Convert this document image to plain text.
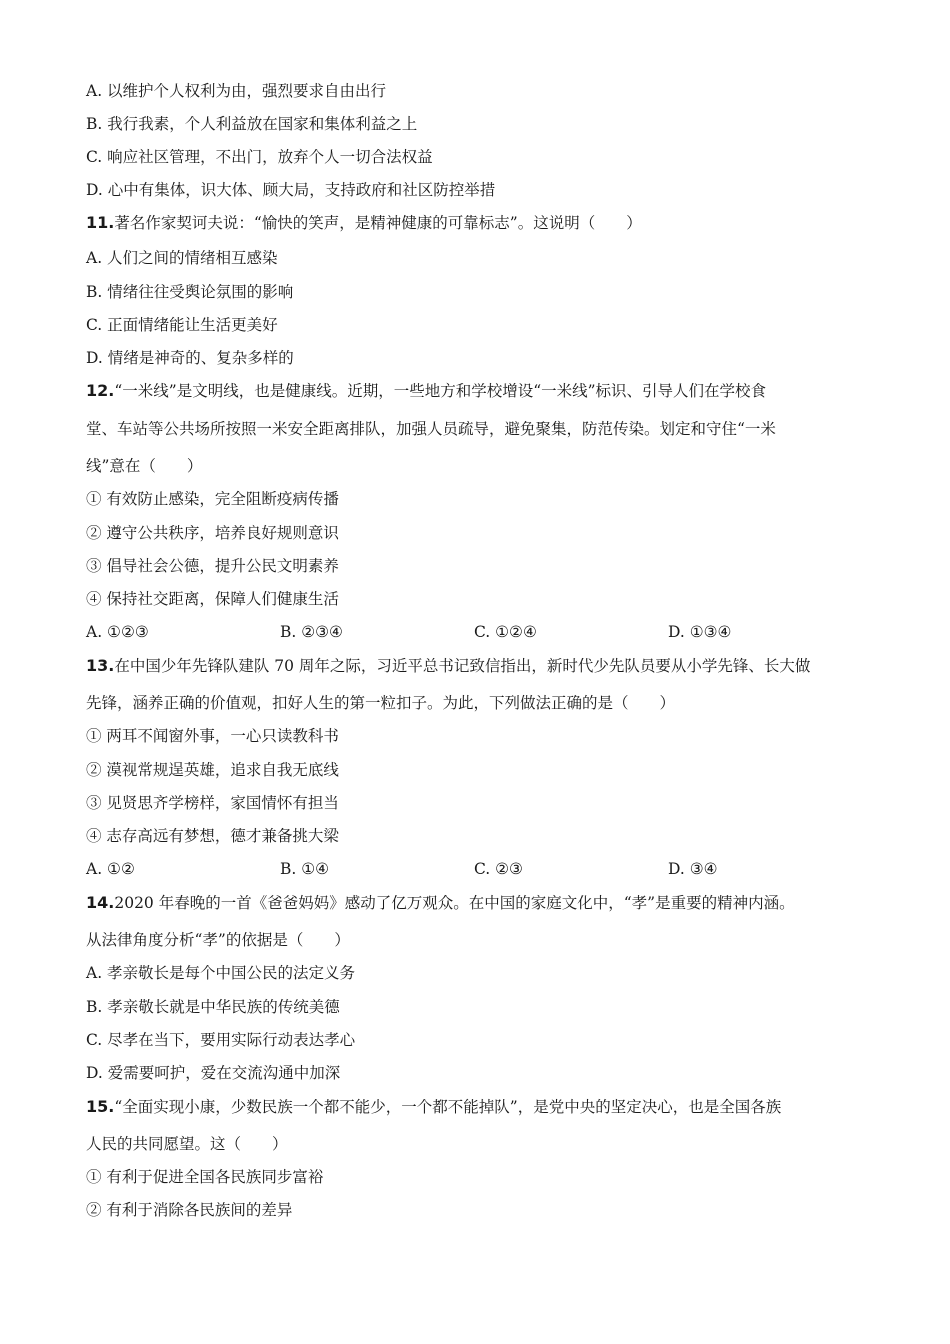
A. 以维护个人权利为由，强烈要求自由出行
B. 我行我素，个人利益放在国家和集体利益之上
C. 响应社区管理，不出门，放弃个人一切合法权益
D. 心中有集体，识大体、顾大局，支持政府和社区防控举措
11.著名作家契诃夫说：“愉快的笑声，是精神健康的可靠标志”。这说明（　　）
A. 人们之间的情绪相互感染
B. 情绪往往受舆论氛围的影响
C. 正面情绪能让生活更美好
D. 情绪是神奇的、复杂多样的
12.“一米线”是文明线，也是健康线。近期，一些地方和学校增设“一米线”标识、引导人们在学校食
堂、车站等公共场所按照一米安全距离排队，加强人员疏导，避免聚集，防范传染。划定和守住“一米
线”意在（　　）
① 有效防止感染，完全阻断疫病传播
② 遵守公共秩序，培养良好规则意识
③ 倡导社会公德，提升公民文明素养
④ 保持社交距离，保障人们健康生活
A. ①②③	B. ②③④	C. ①②④	D. ①③④
13.在中国少年先锋队建队 70 周年之际，习近平总书记致信指出，新时代少先队员要从小学先锋、长大做
先锋，涵养正确的价值观，扣好人生的第一粒扣子。为此，下列做法正确的是（　　）
① 两耳不闻窗外事，一心只读教科书
② 漠视常规逞英雄，追求自我无底线
③ 见贤思齐学榜样，家国情怀有担当
④ 志存高远有梦想，德才兼备挑大梁
A. ①②	B. ①④	C. ②③	D. ③④
14.2020 年春晚的一首《爸爸妈妈》感动了亿万观众。在中国的家庭文化中，“孝”是重要的精神内涵。
从法律角度分析“孝”的依据是（　　）
A. 孝亲敬长是每个中国公民的法定义务
B. 孝亲敬长就是中华民族的传统美德
C. 尽孝在当下，要用实际行动表达孝心
D. 爱需要呵护，爱在交流沟通中加深
15.“全面实现小康，少数民族一个都不能少，一个都不能掉队”，是党中央的坚定决心，也是全国各族
人民的共同愿望。这（　　）
① 有利于促进全国各民族同步富裕
② 有利于消除各民族间的差异
